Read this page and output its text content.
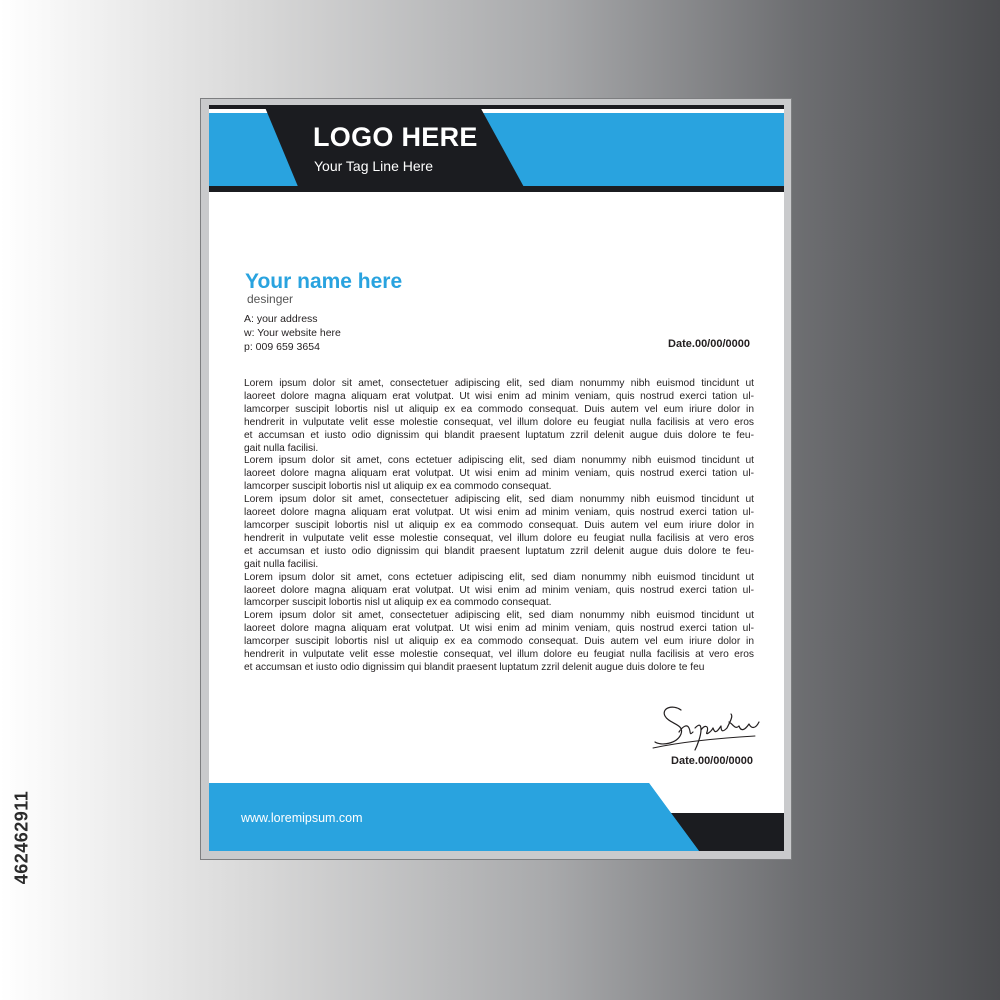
462462911
LOGO HERE
Your Tag Line Here
Your name here
desinger
A: your address
w: Your website here
p: 009 659 3654	Date.00/00/0000
Lorem ipsum dolor sit amet, consectetuer adipiscing elit, sed diam nonummy nibh euismod tincidunt ut
laoreet dolore magna aliquam erat volutpat. Ut wisi enim ad minim veniam, quis nostrud exerci tation ul-
lamcorper suscipit lobortis nisl ut aliquip ex ea commodo consequat. Duis autem vel eum iriure dolor in
hendrerit in vulputate velit esse molestie consequat, vel illum dolore eu feugiat nulla facilisis at vero eros
et accumsan et iusto odio dignissim qui blandit praesent luptatum zzril delenit augue duis dolore te feu-
gait nulla facilisi.
Lorem ipsum dolor sit amet, cons ectetuer adipiscing elit, sed diam nonummy nibh euismod tincidunt ut
laoreet dolore magna aliquam erat volutpat. Ut wisi enim ad minim veniam, quis nostrud exerci tation ul-
lamcorper suscipit lobortis nisl ut aliquip ex ea commodo consequat.
Lorem ipsum dolor sit amet, consectetuer adipiscing elit, sed diam nonummy nibh euismod tincidunt ut
laoreet dolore magna aliquam erat volutpat. Ut wisi enim ad minim veniam, quis nostrud exerci tation ul-
lamcorper suscipit lobortis nisl ut aliquip ex ea commodo consequat. Duis autem vel eum iriure dolor in
hendrerit in vulputate velit esse molestie consequat, vel illum dolore eu feugiat nulla facilisis at vero eros
et accumsan et iusto odio dignissim qui blandit praesent luptatum zzril delenit augue duis dolore te feu-
gait nulla facilisi.
Lorem ipsum dolor sit amet, cons ectetuer adipiscing elit, sed diam nonummy nibh euismod tincidunt ut
laoreet dolore magna aliquam erat volutpat. Ut wisi enim ad minim veniam, quis nostrud exerci tation ul-
lamcorper suscipit lobortis nisl ut aliquip ex ea commodo consequat.
Lorem ipsum dolor sit amet, consectetuer adipiscing elit, sed diam nonummy nibh euismod tincidunt ut
laoreet dolore magna aliquam erat volutpat. Ut wisi enim ad minim veniam, quis nostrud exerci tation ul-
lamcorper suscipit lobortis nisl ut aliquip ex ea commodo consequat. Duis autem vel eum iriure dolor in
hendrerit in vulputate velit esse molestie consequat, vel illum dolore eu feugiat nulla facilisis at vero eros
et accumsan et iusto odio dignissim qui blandit praesent luptatum zzril delenit augue duis dolore te feu
Date.00/00/0000
www.loremipsum.com
